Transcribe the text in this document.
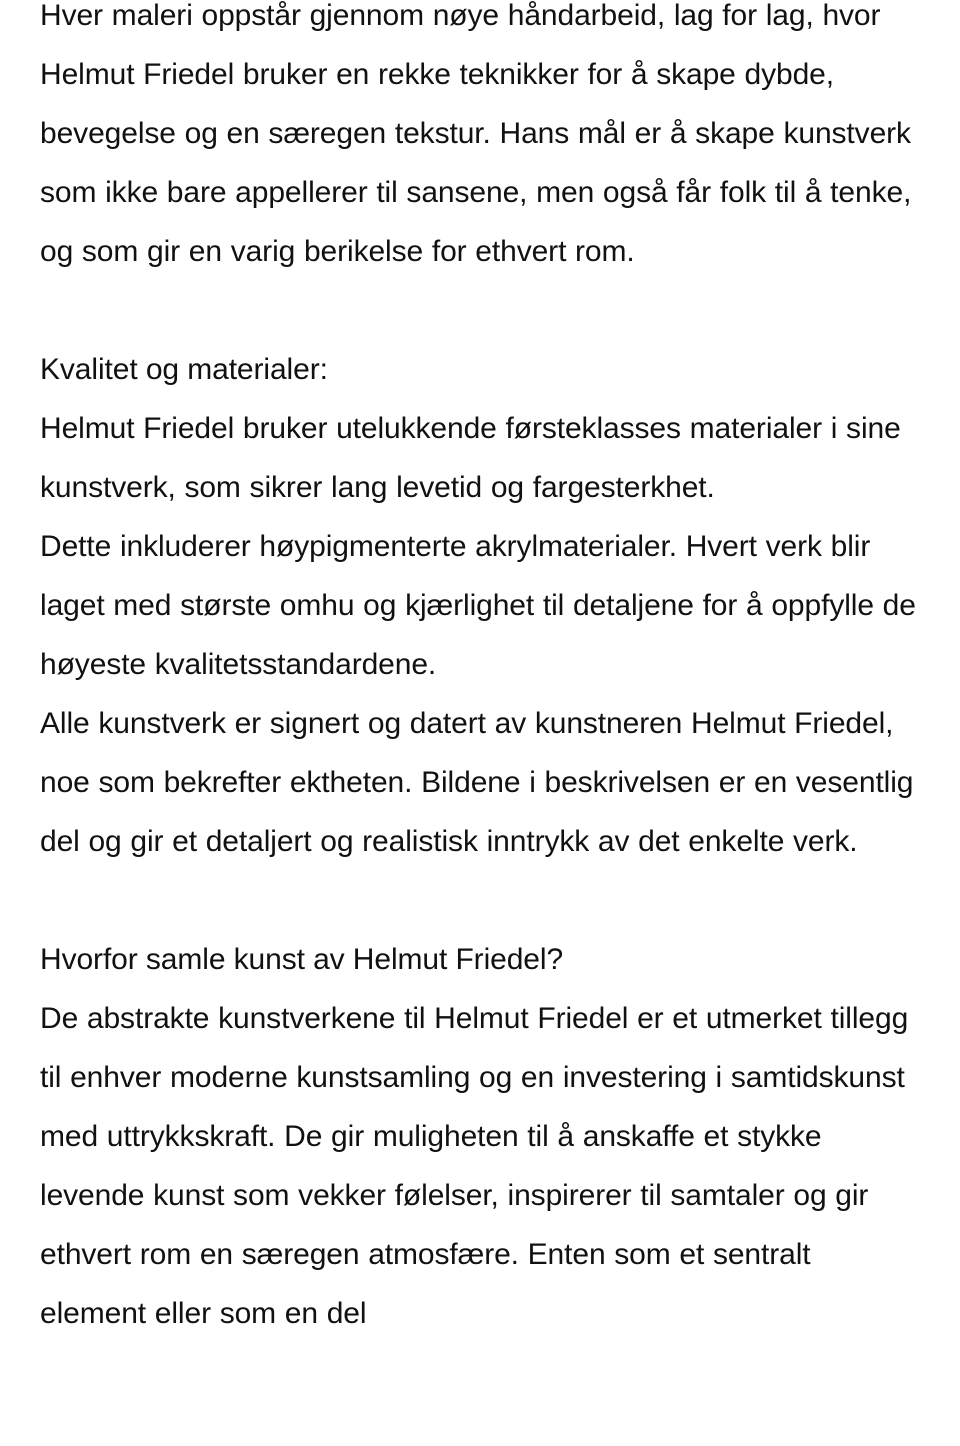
Hver maleri oppstår gjennom nøye håndarbeid, lag for lag, hvor Helmut Friedel bruker en rekke teknikker for å skape dybde, bevegelse og en særegen tekstur. Hans mål er å skape kunstverk som ikke bare appellerer til sansene, men også får folk til å tenke, og som gir en varig berikelse for ethvert rom.

Kvalitet og materialer:

Helmut Friedel bruker utelukkende førsteklasses materialer i sine kunstverk, som sikrer lang levetid og fargesterkhet.

Dette inkluderer høypigmenterte akrylmaterialer. Hvert verk blir laget med største omhu og kjærlighet til detaljene for å oppfylle de høyeste kvalitetsstandardene.

Alle kunstverk er signert og datert av kunstneren Helmut Friedel, noe som bekrefter ektheten. Bildene i beskrivelsen er en vesentlig del og gir et detaljert og realistisk inntrykk av det enkelte verk.

Hvorfor samle kunst av Helmut Friedel?

De abstrakte kunstverkene til Helmut Friedel er et utmerket tillegg til enhver moderne kunstsamling og en investering i samtidskunst med uttrykkskraft. De gir muligheten til å anskaffe et stykke levende kunst som vekker følelser, inspirerer til samtaler og gir ethvert rom en særegen atmosfære. Enten som et sentralt element eller som en del
